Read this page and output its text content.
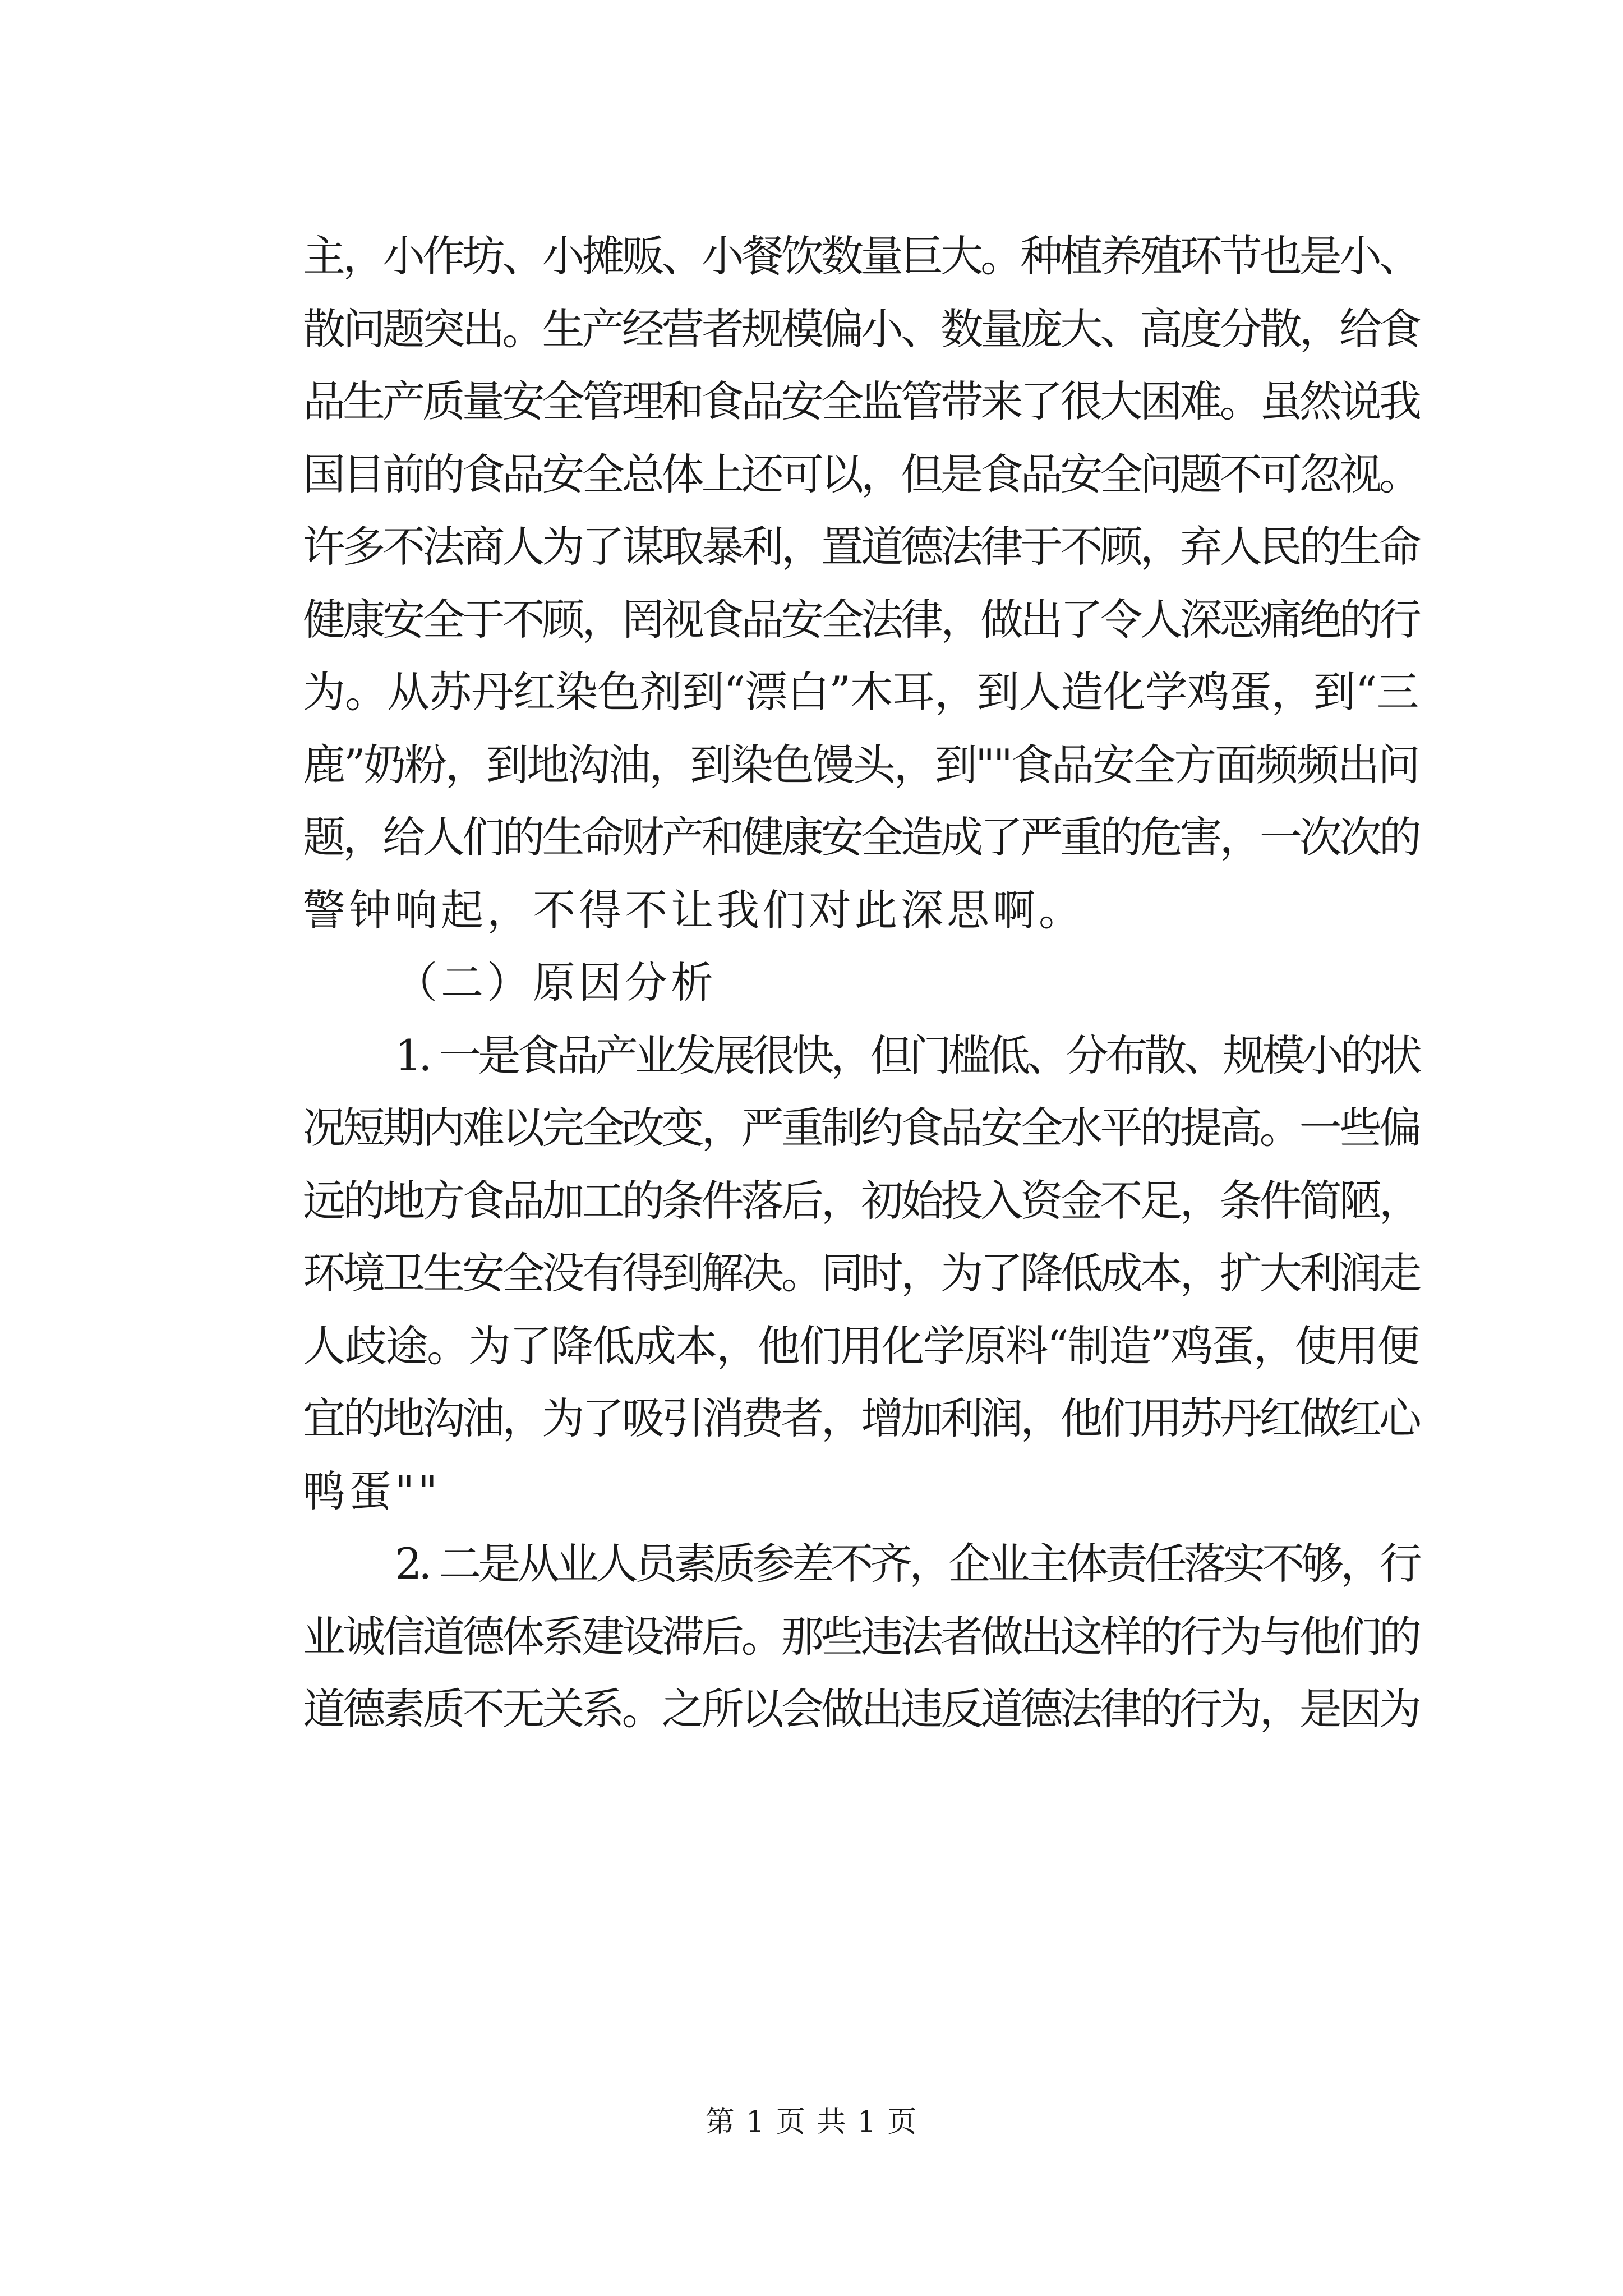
主，小作坊、小摊贩、小餐饮数量巨大。种植养殖环节也是小、
散问题突出。生产经营者规模偏小、数量庞大、高度分散，给食
品生产质量安全管理和食品安全监管带来了很大困难。虽然说我
国目前的食品安全总体上还可以，但是食品安全问题不可忽视。
许多不法商人为了谋取暴利，置道德法律于不顾，弃人民的生命
健康安全于不顾，罔视食品安全法律，做出了令人深恶痛绝的行
为。从苏丹红染色剂到“漂白”木耳，到人造化学鸡蛋，到“三
鹿”奶粉，到地沟油，到染色馒头，到""食品安全方面频频出问
题，给人们的生命财产和健康安全造成了严重的危害，一次次的
警钟响起，不得不让我们对此深思啊。
（二）原因分析
1. 一是食品产业发展很快，但门槛低、分布散、规模小的状
况短期内难以完全改变，严重制约食品安全水平的提高。一些偏
远的地方食品加工的条件落后，初始投入资金不足，条件简陋，
环境卫生安全没有得到解决。同时，为了降低成本，扩大利润走
人歧途。为了降低成本，他们用化学原料“制造”鸡蛋，使用便
宜的地沟油，为了吸引消费者，增加利润，他们用苏丹红做红心
鸭蛋""
2. 二是从业人员素质参差不齐，企业主体责任落实不够，行
业诚信道德体系建设滞后。那些违法者做出这样的行为与他们的
道德素质不无关系。之所以会做出违反道德法律的行为，是因为
第 1 页 共 1 页
